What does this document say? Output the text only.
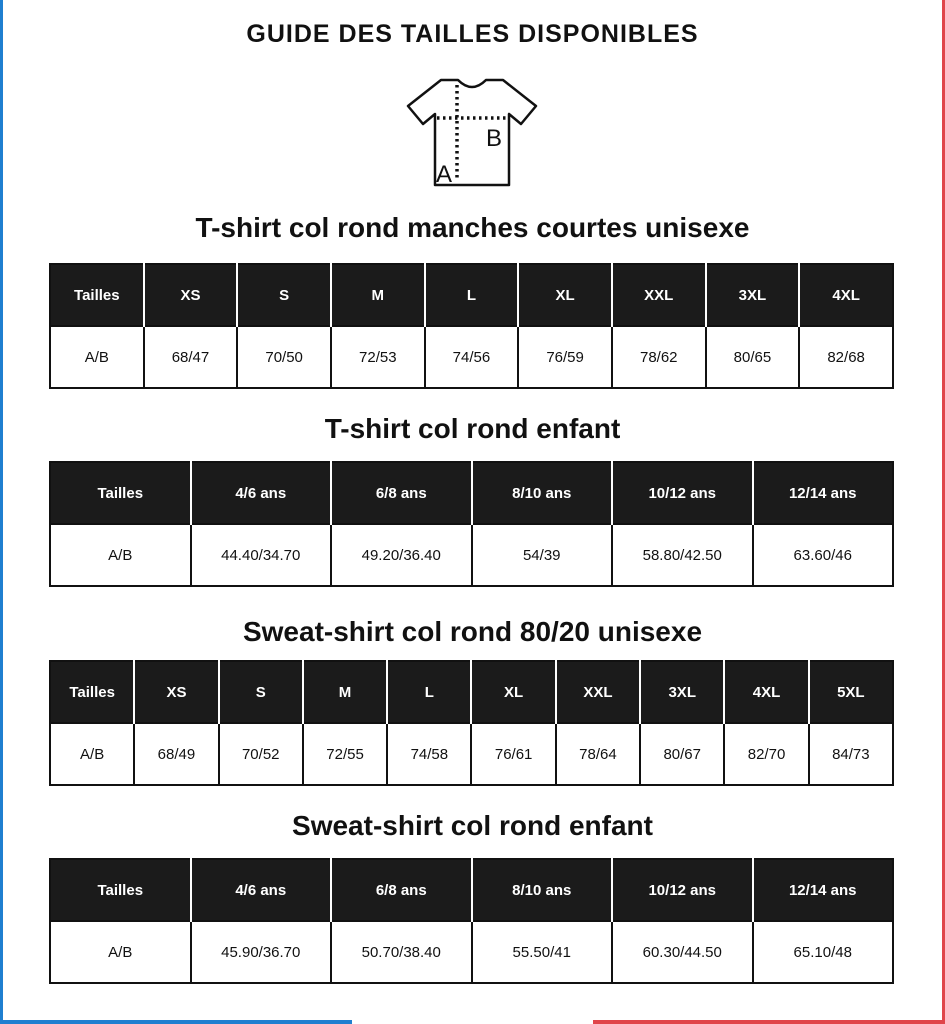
GUIDE DES TAILLES DISPONIBLES
A
B
T-shirt col rond manches courtes unisexe
Tailles	XS	S	M	L	XL	XXL	3XL	4XL
A/B	68/47	70/50	72/53	74/56	76/59	78/62	80/65	82/68
T-shirt col rond enfant
Tailles	4/6 ans	6/8 ans	8/10 ans	10/12 ans	12/14 ans
A/B	44.40/34.70	49.20/36.40	54/39	58.80/42.50	63.60/46
Sweat-shirt col rond 80/20 unisexe
Tailles	XS	S	M	L	XL	XXL	3XL	4XL	5XL
A/B	68/49	70/52	72/55	74/58	76/61	78/64	80/67	82/70	84/73
Sweat-shirt col rond enfant
Tailles	4/6 ans	6/8 ans	8/10 ans	10/12 ans	12/14 ans
A/B	45.90/36.70	50.70/38.40	55.50/41	60.30/44.50	65.10/48
